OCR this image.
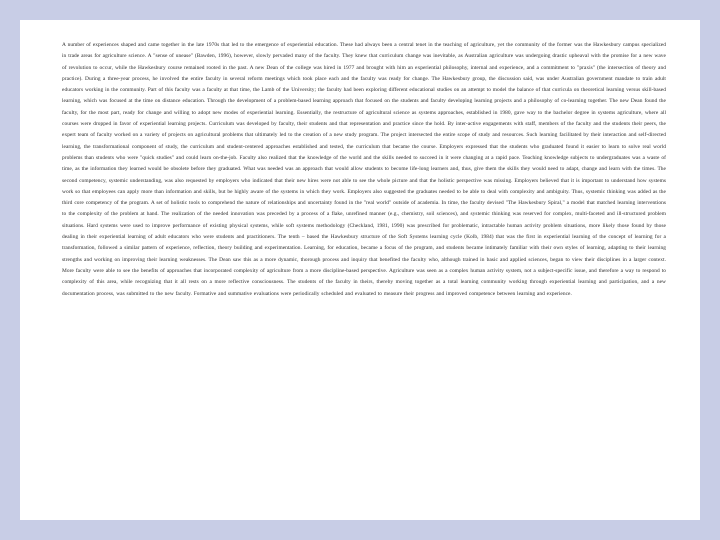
A number of experiences shaped and came together in the late 1970s that led to the emergence of experiential education. These had always been a central tenet in the teaching of agriculture, yet the community of the former was the Hawkesbury campus specialized in trade areas for agriculture science. A "sense of unease" (Bawden, 1996), however, slowly pervaded many of the faculty. They knew that curriculum change was inevitable, as Australian agriculture was undergoing drastic upheaval with the promise for a new wave of revolution to occur, while the Hawkesbury course remained rooted in the past. A new Dean of the college was hired in 1977 and brought with him an experiential philosophy, internal and experience, and a commitment to "praxis" (the intersection of theory and practice). During a three-year process, he involved the entire faculty in several reform meetings which took place each and the faculty was ready for change. The Hawkesbury group, the discussion said, was under Australian government mandate to train adult educators working in the community. Part of this faculty was a faculty at that time, the Lamb of the University; the faculty had been exploring different educational studies on an attempt to model the balance of that curricula on theoretical learning versus skill-based learning, which was focused at the time on distance education. Through the development of a problem-based learning approach that focused on the students and faculty developing learning projects and a philosophy of co-learning together. The new Dean found the faculty, for the most part, ready for change and willing to adopt new modes of experiential learning. Essentially, the restructure of agricultural science as systems approaches, established in 1980, gave way to the bachelor degree in systems agriculture, where all courses were dropped in favor of experiential learning projects. Curriculum was developed by faculty, their students and that representation and practice since the hold. By inter-active engagements with staff, members of the faculty and the students their peers, the expert team of faculty worked on a variety of projects on agricultural problems that ultimately led to the creation of a new study program. The project intersected the entire scope of study and resources. Such learning facilitated by their interaction and self-directed learning, the transformational component of study, the curriculum and student-centered approaches established and tested, the curriculum that became the course. Employers expressed that the students who graduated found it easier to learn to solve real world problems than students who were "quick studies" and could learn on-the-job. Faculty also realized that the knowledge of the world and the skills needed to succeed in it were changing at a rapid pace. Teaching knowledge subjects to undergraduates was a waste of time, as the information they learned would be obsolete before they graduated. What was needed was an approach that would allow students to become life-long learners and, thus, give them the skills they would need to adapt, change and learn with the times. The second competency, systemic understanding, was also requested by employers who indicated that their new hires were not able to see the whole picture and that the holistic perspective was missing. Employers believed that it is important to understand how systems work so that employees can apply more than information and skills, but be highly aware of the systems in which they work. Employers also suggested the graduates needed to be able to deal with complexity and ambiguity. Thus, systemic thinking was added as the third core competency of the program. A set of holistic tools to comprehend the nature of relationships and uncertainty found in the "real world" outside of academia. In time, the faculty devised "The Hawkesbury Spiral," a model that matched learning interventions to the complexity of the problem at hand. The realization of the needed innovation was preceded by a process of a flake, unrefined manner (e.g., chemistry, soil sciences), and systemic thinking was reserved for complex, multi-faceted and ill-structured problem situations. Hard systems were used to improve performance of existing physical systems, while soft systems methodology (Checkland, 1981, 1990) was prescribed for problematic, intractable human activity problem situations, more likely those found by those dealing in their experiential learning of adult educators who were students and practitioners. The tenth – based the Hawkesbury structure of the Soft Systems learning cycle (Kolb, 1984) that was the first in experiential learning of the concept of learning for a transformation, followed a similar pattern of experience, reflection, theory building and experimentation. Learning, for education, became a focus of the program, and students became intimately familiar with their own styles of learning, adapting to their learning strengths and working on improving their learning weaknesses. The Dean saw this as a more dynamic, thorough process and inquiry that benefited the faculty who, although trained in basic and applied sciences, began to view their disciplines in a larger context. More faculty were able to see the benefits of approaches that incorporated complexity of agriculture from a more discipline-based perspective. Agriculture was seen as a complex human activity system, not a subject-specific issue, and therefore a way to respond to complexity of this area, while recognizing that it all rests on a more reflective consciousness. The students of the faculty in theirs, thereby moving together as a total learning community working through experiential learning and participation, and a new documentation process, was submitted to the new faculty. Formative and summative evaluations were periodically scheduled and evaluated to measure their progress and improved competence between learning and experience.
